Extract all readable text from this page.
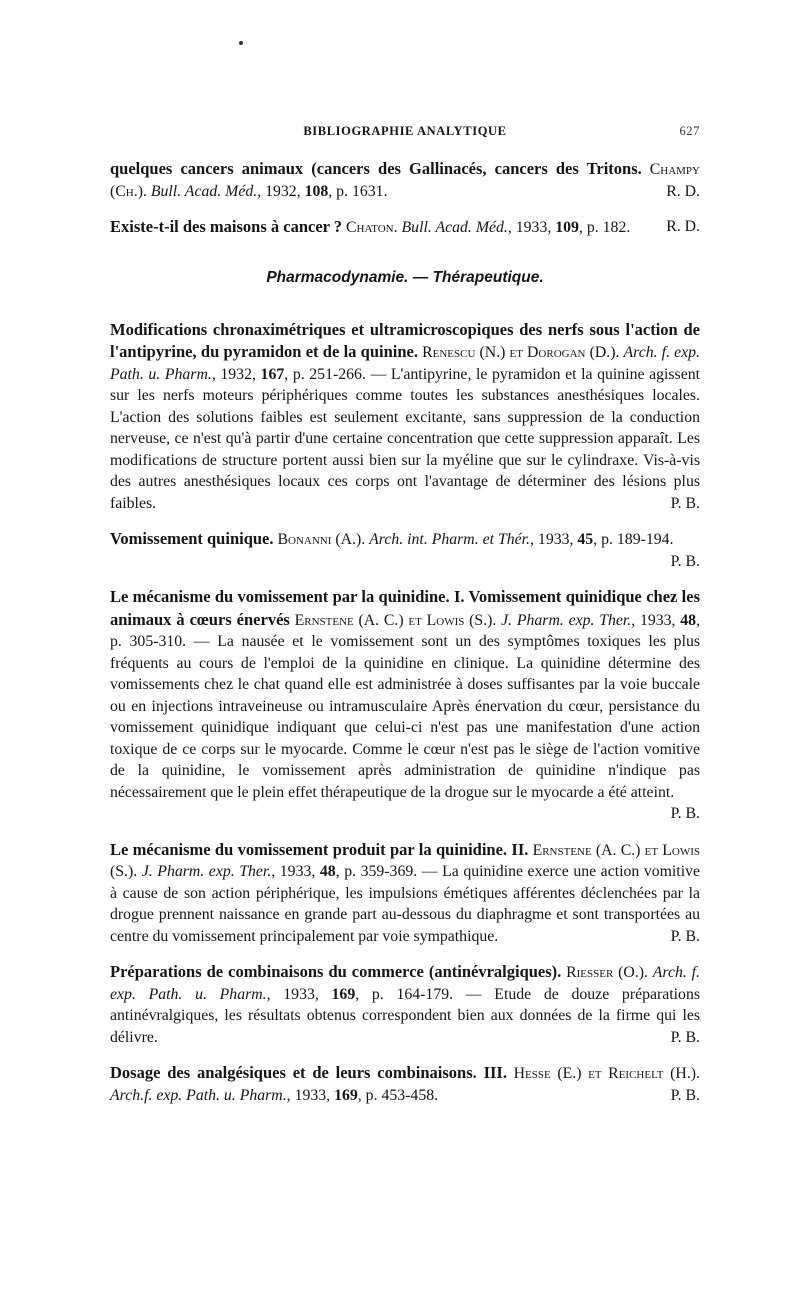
BIBLIOGRAPHIE ANALYTIQUE	627

quelques cancers animaux (cancers des Gallinacés, cancers des Tritons. Champy (Ch.). Bull. Acad. Méd., 1932, 108, p. 1631.	R. D.

Existe-t-il des maisons à cancer ? Chaton. Bull. Acad. Méd., 1933, 109, p. 182. R. D.

Pharmacodynamie. — Thérapeutique.

Modifications chronaximétriques et ultramicroscopiques des nerfs sous l'action de l'antipyrine, du pyramidon et de la quinine. Renescu (N.) et Dorogan (D.). Arch. f. exp. Path. u. Pharm., 1932, 167, p. 251-266. — L'antipyrine, le pyramidon et la quinine agissent sur les nerfs moteurs périphériques comme toutes les substances anesthésiques locales. L'action des solutions faibles est seulement excitante, sans suppression de la conduction nerveuse, ce n'est qu'à partir d'une certaine concentration que cette suppression apparaît. Les modifications de structure portent aussi bien sur la myéline que sur le cylindraxe. Vis-à-vis des autres anesthésiques locaux ces corps ont l'avantage de déterminer des lésions plus faibles.	P. B.

Vomissement quinique. Bonanni (A.). Arch. int. Pharm. et Thér., 1933, 45, p. 189-194.
P. B.

Le mécanisme du vomissement par la quinidine. I. Vomissement quinidique chez les animaux à cœurs énervés Ernstene (A. C.) et Lowis (S.). J. Pharm. exp. Ther., 1933, 48, p. 305-310. — La nausée et le vomissement sont un des symptômes toxiques les plus fréquents au cours de l'emploi de la quinidine en clinique. La quinidine détermine des vomissements chez le chat quand elle est administrée à doses suffisantes par la voie buccale ou en injections intraveineuse ou intramusculaire Après énervation du cœur, persistance du vomissement quinidique indiquant que celui-ci n'est pas une manifestation d'une action toxique de ce corps sur le myocarde. Comme le cœur n'est pas le siège de l'action vomitive de la quinidine, le vomissement après administration de quinidine n'indique pas nécessairement que le plein effet thérapeutique de la drogue sur le myocarde a été atteint.
P. B.

Le mécanisme du vomissement produit par la quinidine. II. Ernstene (A. C.) et Lowis (S.). J. Pharm. exp. Ther., 1933, 48, p. 359-369. — La quinidine exerce une action vomitive à cause de son action périphérique, les impulsions émétiques afférentes déclenchées par la drogue prennent naissance en grande part au-dessous du diaphragme et sont transportées au centre du vomissement principalement par voie sympathique.	P. B.

Préparations de combinaisons du commerce (antinévralgiques). Riesser (O.). Arch. f. exp. Path. u. Pharm., 1933, 169, p. 164-179. — Etude de douze préparations antinévralgiques, les résultats obtenus correspondent bien aux données de la firme qui les délivre.	P. B.

Dosage des analgésiques et de leurs combinaisons. III. Hesse (E.) et Reichelt (H.). Arch.f. exp. Path. u. Pharm., 1933, 169, p. 453-458.	P. B.
